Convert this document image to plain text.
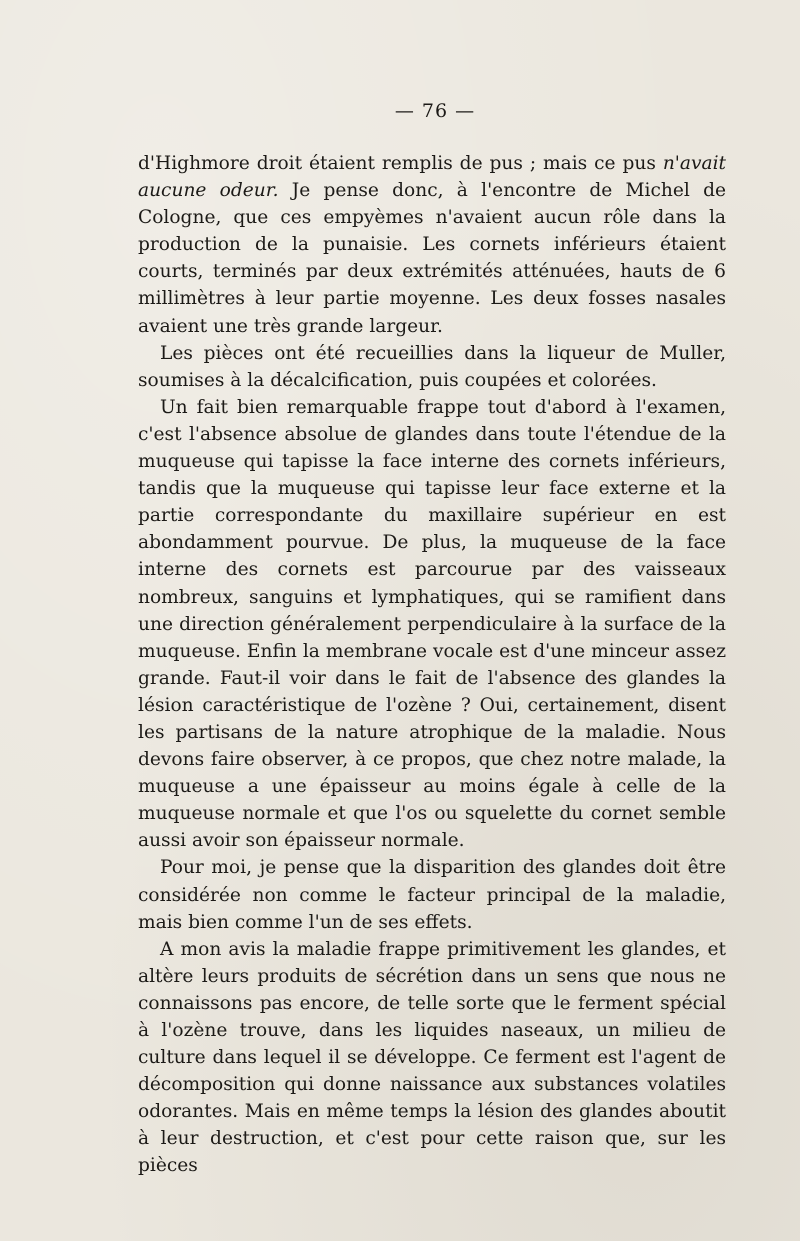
— 76 —

d'Highmore droit étaient remplis de pus ; mais ce pus n'avait aucune odeur. Je pense donc, à l'encontre de Michel de Cologne, que ces empyèmes n'avaient aucun rôle dans la production de la punaisie. Les cornets inférieurs étaient courts, terminés par deux extrémités atténuées, hauts de 6 millimètres à leur partie moyenne. Les deux fosses nasales avaient une très grande largeur.

Les pièces ont été recueillies dans la liqueur de Muller, soumises à la décalcification, puis coupées et colorées.

Un fait bien remarquable frappe tout d'abord à l'examen, c'est l'absence absolue de glandes dans toute l'étendue de la muqueuse qui tapisse la face interne des cornets inférieurs, tandis que la muqueuse qui tapisse leur face externe et la partie correspondante du maxillaire supérieur en est abondamment pourvue. De plus, la muqueuse de la face interne des cornets est parcourue par des vaisseaux nombreux, sanguins et lymphatiques, qui se ramifient dans une direction généralement perpendiculaire à la surface de la muqueuse. Enfin la membrane vocale est d'une minceur assez grande. Faut-il voir dans le fait de l'absence des glandes la lésion caractéristique de l'ozène ? Oui, certainement, disent les partisans de la nature atrophique de la maladie. Nous devons faire observer, à ce propos, que chez notre malade, la muqueuse a une épaisseur au moins égale à celle de la muqueuse normale et que l'os ou squelette du cornet semble aussi avoir son épaisseur normale.

Pour moi, je pense que la disparition des glandes doit être considérée non comme le facteur principal de la maladie, mais bien comme l'un de ses effets.

A mon avis la maladie frappe primitivement les glandes, et altère leurs produits de sécrétion dans un sens que nous ne connaissons pas encore, de telle sorte que le ferment spécial à l'ozène trouve, dans les liquides naseaux, un milieu de culture dans lequel il se développe. Ce ferment est l'agent de décomposition qui donne naissance aux substances volatiles odorantes. Mais en même temps la lésion des glandes aboutit à leur destruction, et c'est pour cette raison que, sur les pièces
